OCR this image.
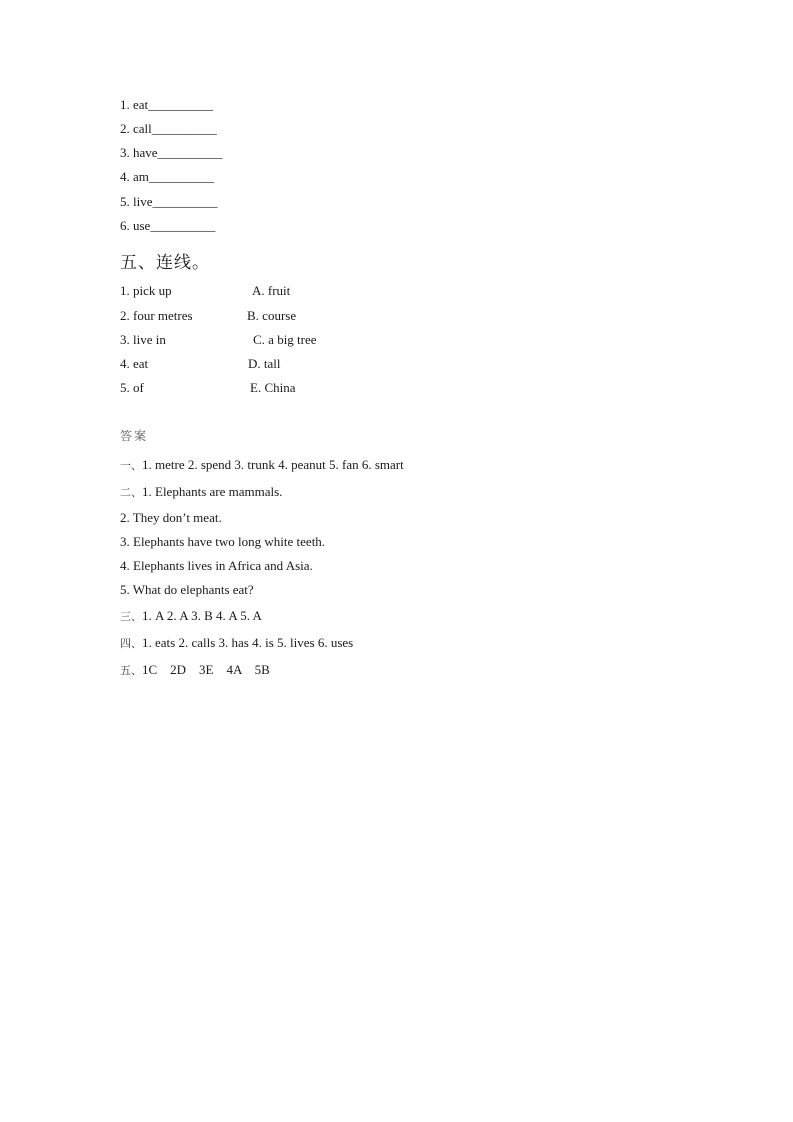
1. eat__________
2. call__________
3. have__________
4. am__________
5. live__________
6. use__________
五、连线。
1. pick up	A. fruit
2. four metres	B. course
3. live in	C. a big tree
4. eat	D. tall
5. of	E. China
答案
一、1. metre 2. spend 3. trunk 4. peanut 5. fan 6. smart
二、1. Elephants are mammals.
2. They don’t meat.
3. Elephants have two long white teeth.
4. Elephants lives in Africa and Asia.
5. What do elephants eat?
三、1. A 2. A 3. B 4. A 5. A
四、1. eats 2. calls 3. has 4. is 5. lives 6. uses
五、1C    2D    3E    4A    5B
